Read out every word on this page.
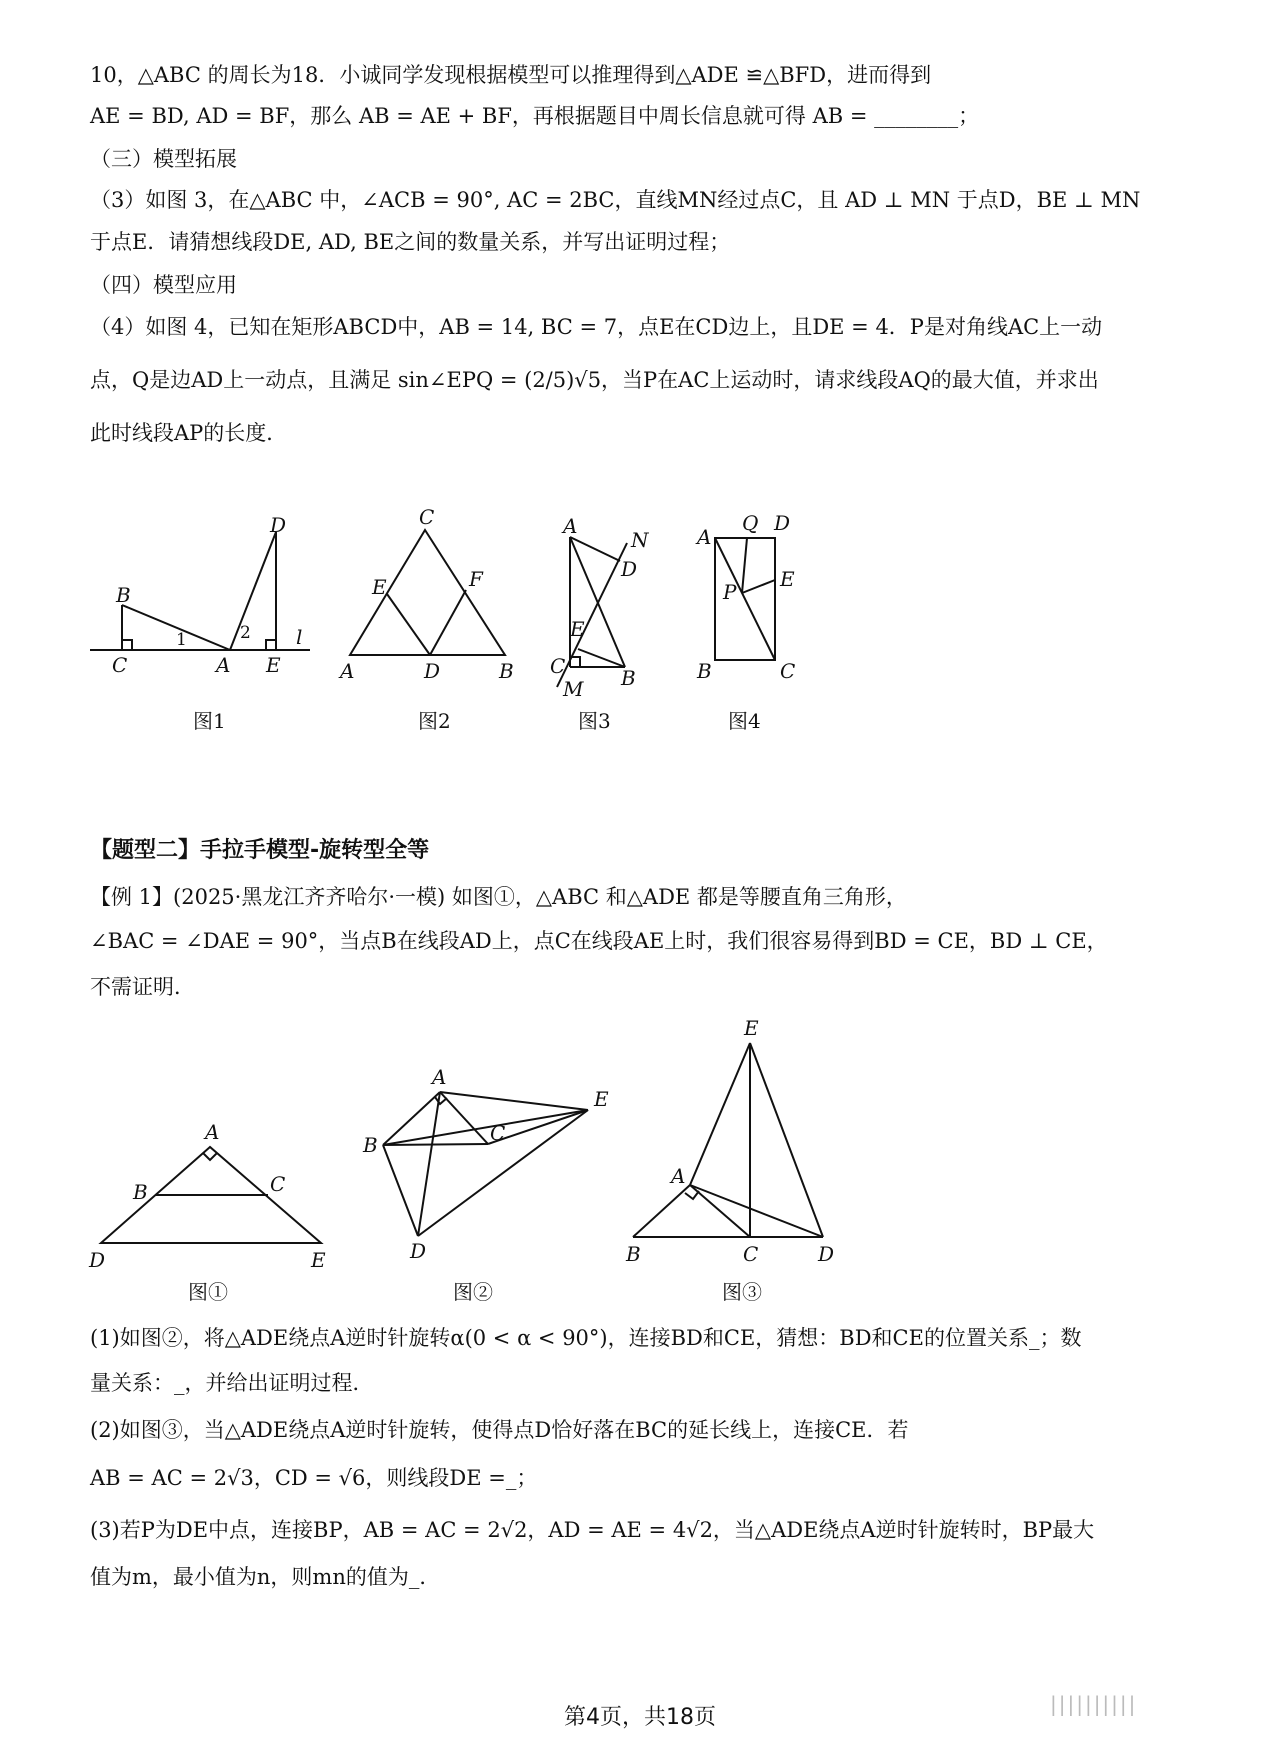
10，△ABC 的周长为18．小诚同学发现根据模型可以推理得到△ADE ≌△BFD，进而得到
AE = BD, AD = BF，那么 AB = AE + BF，再根据题目中周长信息就可得 AB = ________；
（三）模型拓展
（3）如图 3，在△ABC 中，∠ACB = 90°, AC = 2BC，直线MN经过点C，且 AD ⊥ MN 于点D，BE ⊥ MN
于点E．请猜想线段DE, AD, BE之间的数量关系，并写出证明过程；
（四）模型应用
（4）如图 4，已知在矩形ABCD中，AB = 14, BC = 7，点E在CD边上，且DE = 4．P是对角线AC上一动
点，Q是边AD上一动点，且满足 sin∠EPQ = (2/5)√5，当P在AC上运动时，请求线段AQ的最大值，并求出
此时线段AP的长度．
B
D
C	A E
1	2 l
图1
C
E	F
A	D	B
图2
A
N
D
E
C	B
M
图3
Q D
A
E
P
B	C
图4
【题型二】手拉手模型-旋转型全等
【例 1】(2025·黑龙江齐齐哈尔·一模) 如图①，△ABC 和△ADE 都是等腰直角三角形，
∠BAC = ∠DAE = 90°，当点B在线段AD上，点C在线段AE上时，我们很容易得到BD = CE，BD ⊥ CE，
不需证明．
A
B	C
D	E
图①
A
E
C
B
D
图②
E
A
B	C	D
图③
(1)如图②，将△ADE绕点A逆时针旋转α(0 < α < 90°)，连接BD和CE，猜想：BD和CE的位置关系_；数
量关系：_，并给出证明过程．
(2)如图③，当△ADE绕点A逆时针旋转，使得点D恰好落在BC的延长线上，连接CE．若
AB = AC = 2√3，CD = √6，则线段DE =_；
(3)若P为DE中点，连接BP，AB = AC = 2√2，AD = AE = 4√2，当△ADE绕点A逆时针旋转时，BP最大
值为m，最小值为n，则mn的值为_．
第4页，共18页
||||||||||
